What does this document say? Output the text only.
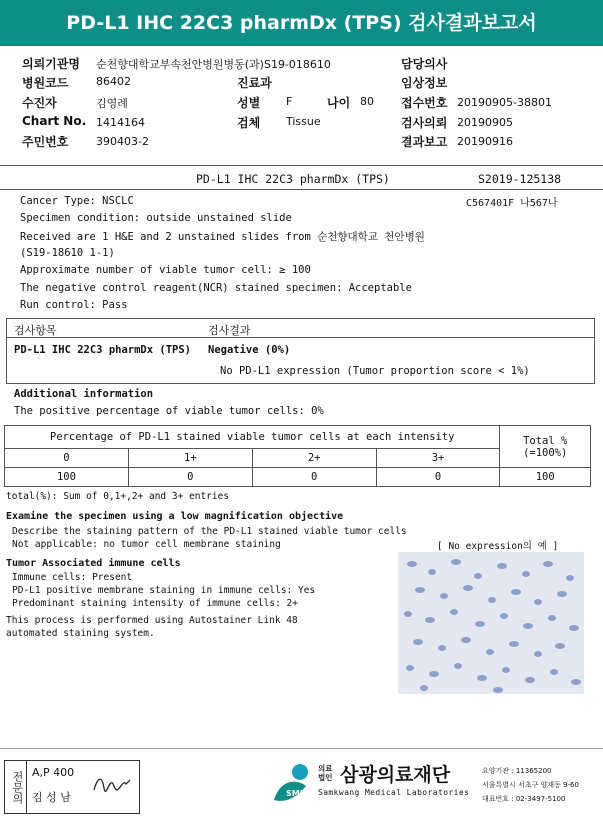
PD-L1 IHC 22C3 pharmDx (TPS) 검사결과보고서
의뢰기관명 순천향대학교부속천안병원병동(과)S19-018610
병원코드	86402
수진자	김영례
Chart No. 1414164
주민번호	390403-2
진료과
성별 F	나이 80
검체 Tissue
담당의사
임상정보
접수번호 20190905-38801
검사의뢰 20190905
결과보고 20190916
PD-L1 IHC 22C3 pharmDx (TPS)	S2019-125138
C567401F 나567나
Cancer Type: NSCLC
Specimen condition: outside unstained slide
Received are 1 H&E and 2 unstained slides from 순천향대학교 천안병원
(S19-18610 1-1)
Approximate number of viable tumor cell: ≥ 100
The negative control reagent(NCR) stained specimen: Acceptable
Run control: Pass
검사항목	검사결과
PD-L1 IHC 22C3 pharmDx (TPS) Negative (0%)
No PD-L1 expression (Tumor proportion score < 1%)
Additional information
The positive percentage of viable tumor cells: 0%
Percentage of PD-L1 stained viable tumor cells at each intensity				Total %
(=100%)

0	1+	2+	3+	
100	0	0	0	100
total(%): Sum of 0,1+,2+ and 3+ entries
Examine the specimen using a low magnification objective
Describe the staining pattern of the PD-L1 stained viable tumor cells
Not applicable: no tumor cell membrane staining	[ No expression의 예 ]
Tumor Associated immune cells
Immune cells: Present
PD-L1 positive membrane staining in immune cells: Yes
Predominant staining intensity of immune cells: 2+
This process is performed using Autostainer Link 48
automated staining system.
전문의 A,P 400
김 성 남	SML
의료
법인 삼광의료재단
Samkwang Medical Laboratories
요양기관 : 11365200
서울특별시 서초구 양재동 9-60
대표번호 : 02-3497-5100
